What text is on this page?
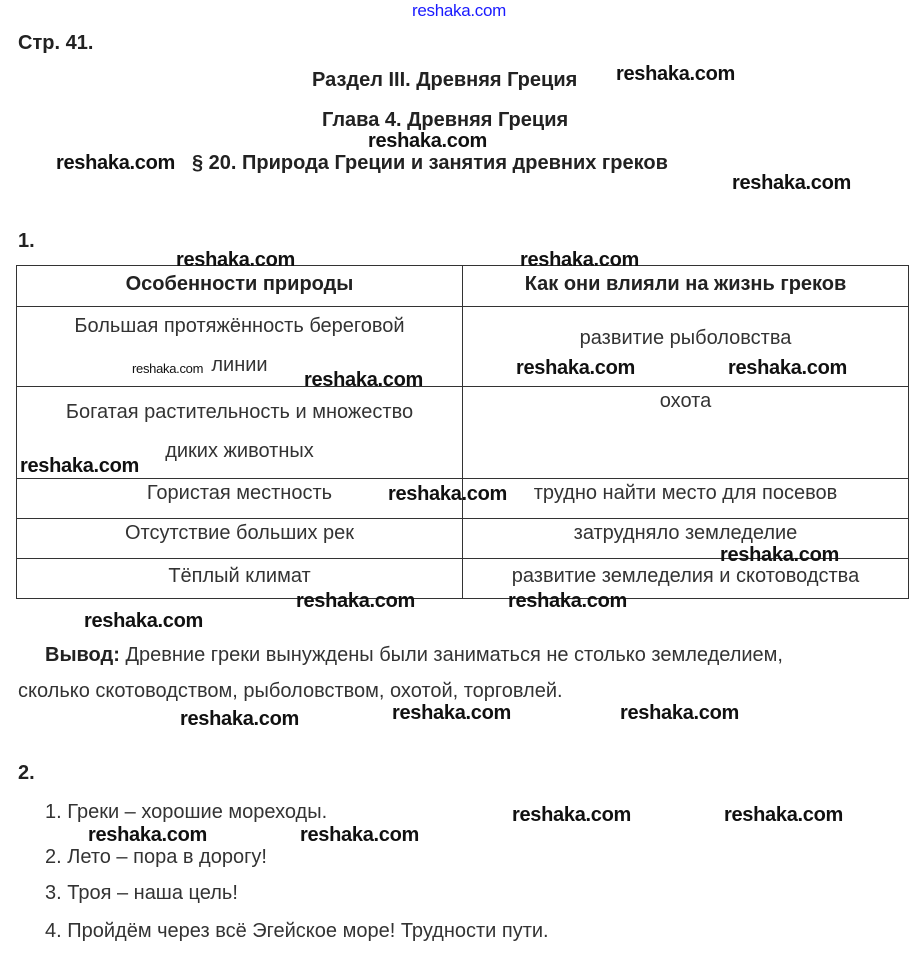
Стр. 41.
Раздел III. Древняя Греция
Глава 4. Древняя Греция
§ 20. Природа Греции и занятия древних греков
1.
Особенности природы	Как они влияли на жизнь греков

Большая протяжённость береговой
линии	развитие рыболовства

Богатая растительность и множество
диких животных	охота

Гористая местность	трудно найти место для посевов

Отсутствие больших рек	затрудняло земледелие

Тёплый климат	развитие земледелия и скотоводства
Вывод: Древние греки вынуждены были заниматься не столько земледелием,
сколько скотоводством, рыболовством, охотой, торговлей.
2.
1. Греки – хорошие мореходы.
2. Лето – пора в дорогу!
3. Троя – наша цель!
4. Пройдём через всё Эгейское море! Трудности пути.
reshaka.com
reshaka.com
reshaka.com
reshaka.com
reshaka.com
reshaka.com	reshaka.com
reshaka.com	reshaka.com	reshaka.com
reshaka.com
reshaka.com
reshaka.com
reshaka.com
reshaka.com	reshaka.com
reshaka.com
reshaka.com	reshaka.com
reshaka.com
reshaka.com	reshaka.com
reshaka.com	reshaka.com
